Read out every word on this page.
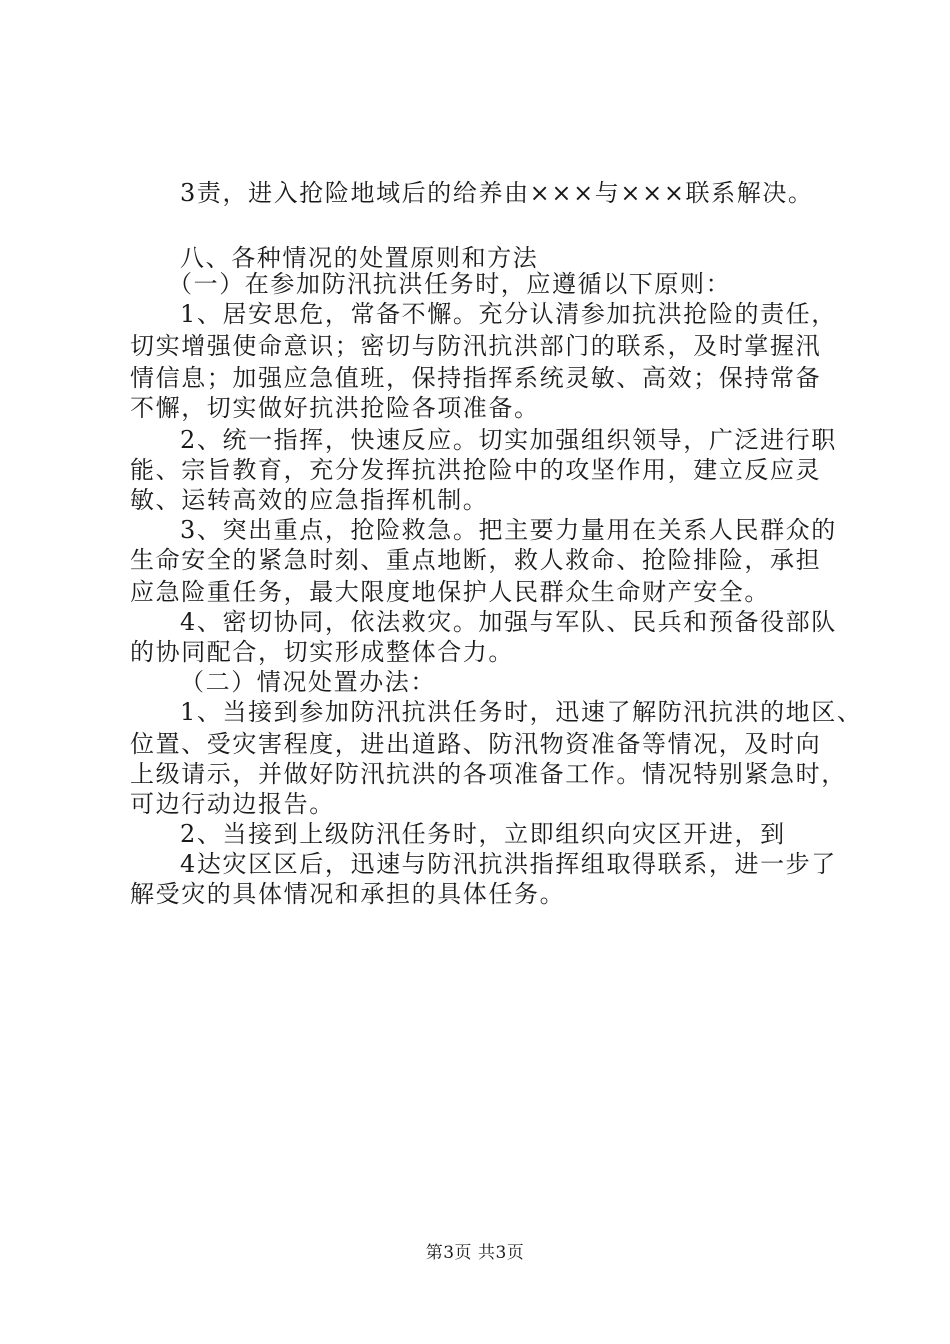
3责，进入抢险地域后的给养由×××与×××联系解决。
八、各种情况的处置原则和方法
（一）在参加防汛抗洪任务时，应遵循以下原则：
1、居安思危，常备不懈。充分认清参加抗洪抢险的责任，
切实增强使命意识；密切与防汛抗洪部门的联系，及时掌握汛
情信息；加强应急值班，保持指挥系统灵敏、高效；保持常备
不懈，切实做好抗洪抢险各项准备。
2、统一指挥，快速反应。切实加强组织领导，广泛进行职
能、宗旨教育，充分发挥抗洪抢险中的攻坚作用，建立反应灵
敏、运转高效的应急指挥机制。
3、突出重点，抢险救急。把主要力量用在关系人民群众的
生命安全的紧急时刻、重点地断，救人救命、抢险排险，承担
应急险重任务，最大限度地保护人民群众生命财产安全。
4、密切协同，依法救灾。加强与军队、民兵和预备役部队
的协同配合，切实形成整体合力。
（二）情况处置办法：
1、当接到参加防汛抗洪任务时，迅速了解防汛抗洪的地区、
位置、受灾害程度，进出道路、防汛物资准备等情况，及时向
上级请示，并做好防汛抗洪的各项准备工作。情况特别紧急时，
可边行动边报告。
2、当接到上级防汛任务时，立即组织向灾区开进，到
4达灾区区后，迅速与防汛抗洪指挥组取得联系，进一步了
解受灾的具体情况和承担的具体任务。
第3页 共3页
